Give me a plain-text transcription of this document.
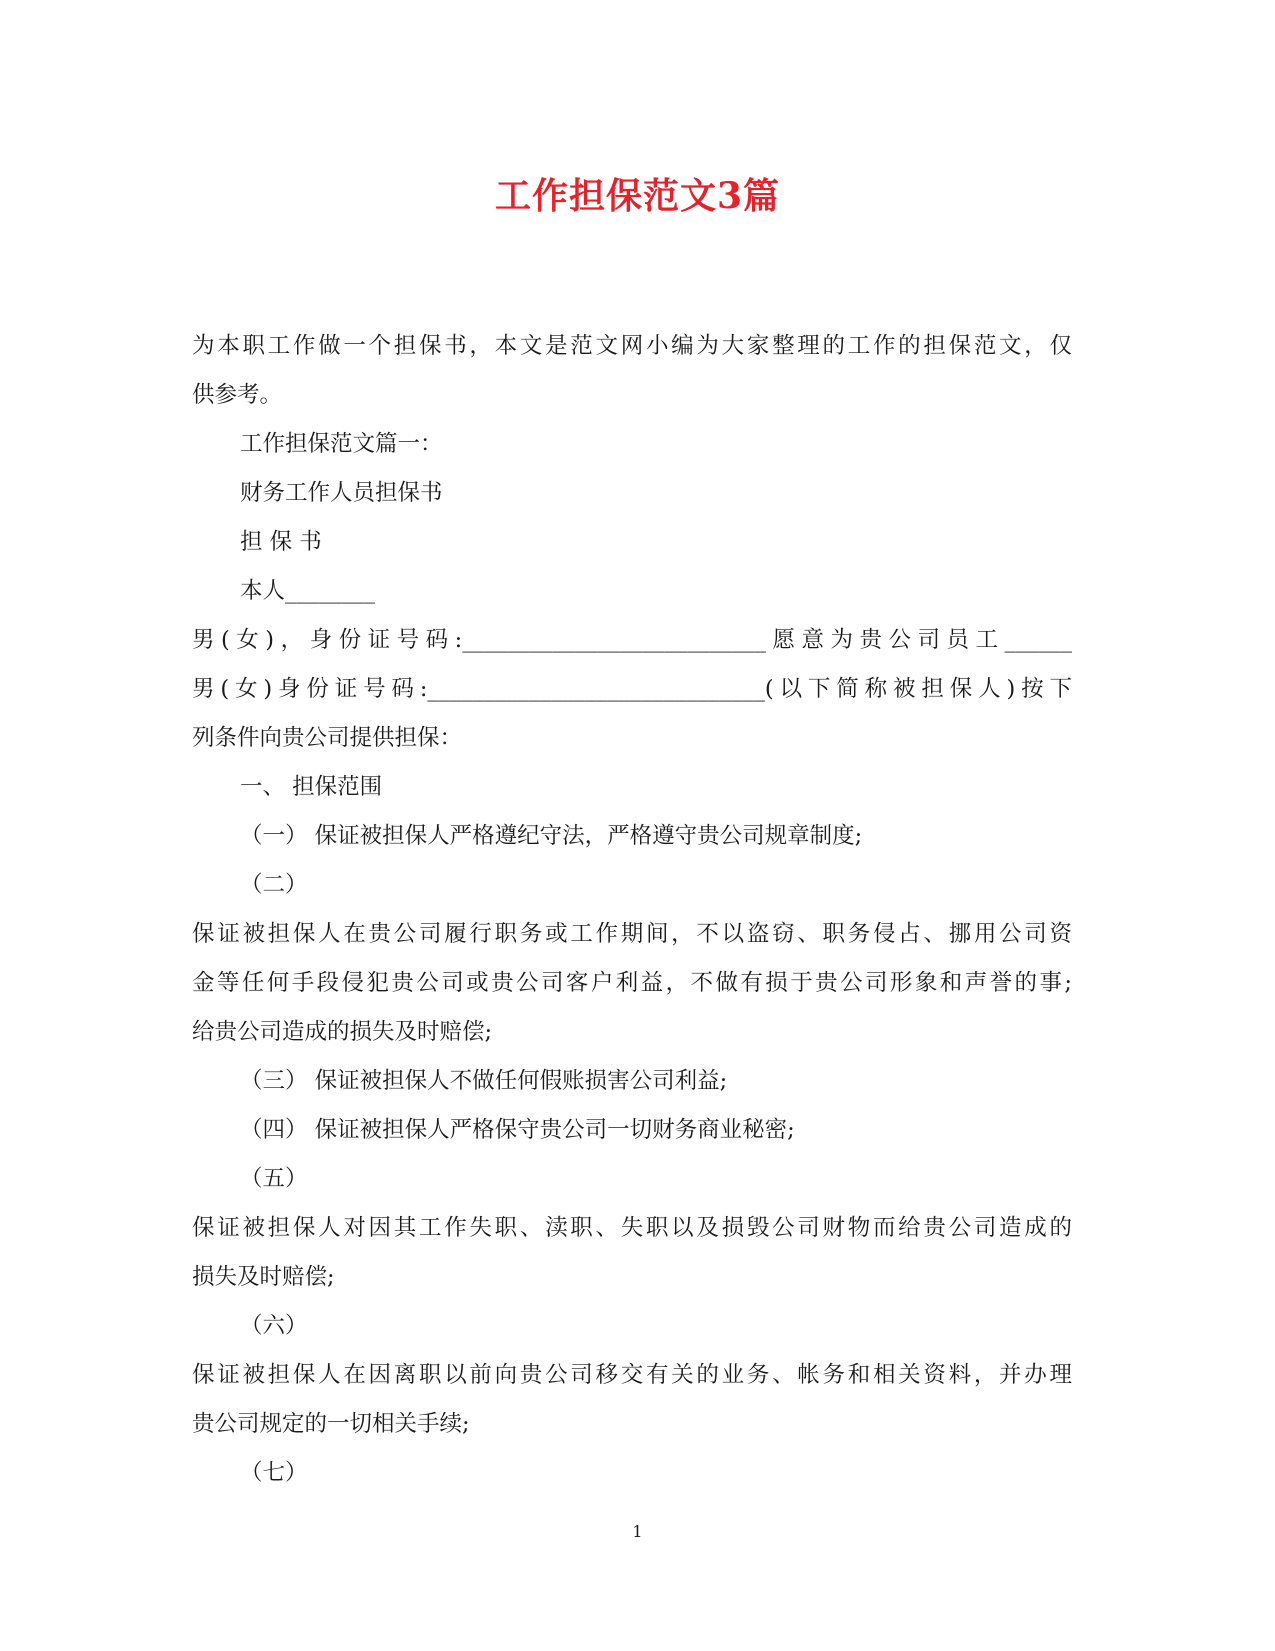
工作担保范文3篇
为本职工作做一个担保书，本文是范文网小编为大家整理的工作的担保范文，仅
供参考。
工作担保范文篇一：
财务工作人员担保书
担 保 书
本人________
男(女)，身份证号码:___________________________愿意为贵公司员工______
男(女)身份证号码:______________________________(以下简称被担保人)按下
列条件向贵公司提供担保：
一、 担保范围
（一） 保证被担保人严格遵纪守法，严格遵守贵公司规章制度;
（二）
保证被担保人在贵公司履行职务或工作期间，不以盗窃、职务侵占、挪用公司资
金等任何手段侵犯贵公司或贵公司客户利益，不做有损于贵公司形象和声誉的事;
给贵公司造成的损失及时赔偿;
（三） 保证被担保人不做任何假账损害公司利益;
（四） 保证被担保人严格保守贵公司一切财务商业秘密;
（五）
保证被担保人对因其工作失职、渎职、失职以及损毁公司财物而给贵公司造成的
损失及时赔偿;
（六）
保证被担保人在因离职以前向贵公司移交有关的业务、帐务和相关资料，并办理
贵公司规定的一切相关手续;
（七）
1
